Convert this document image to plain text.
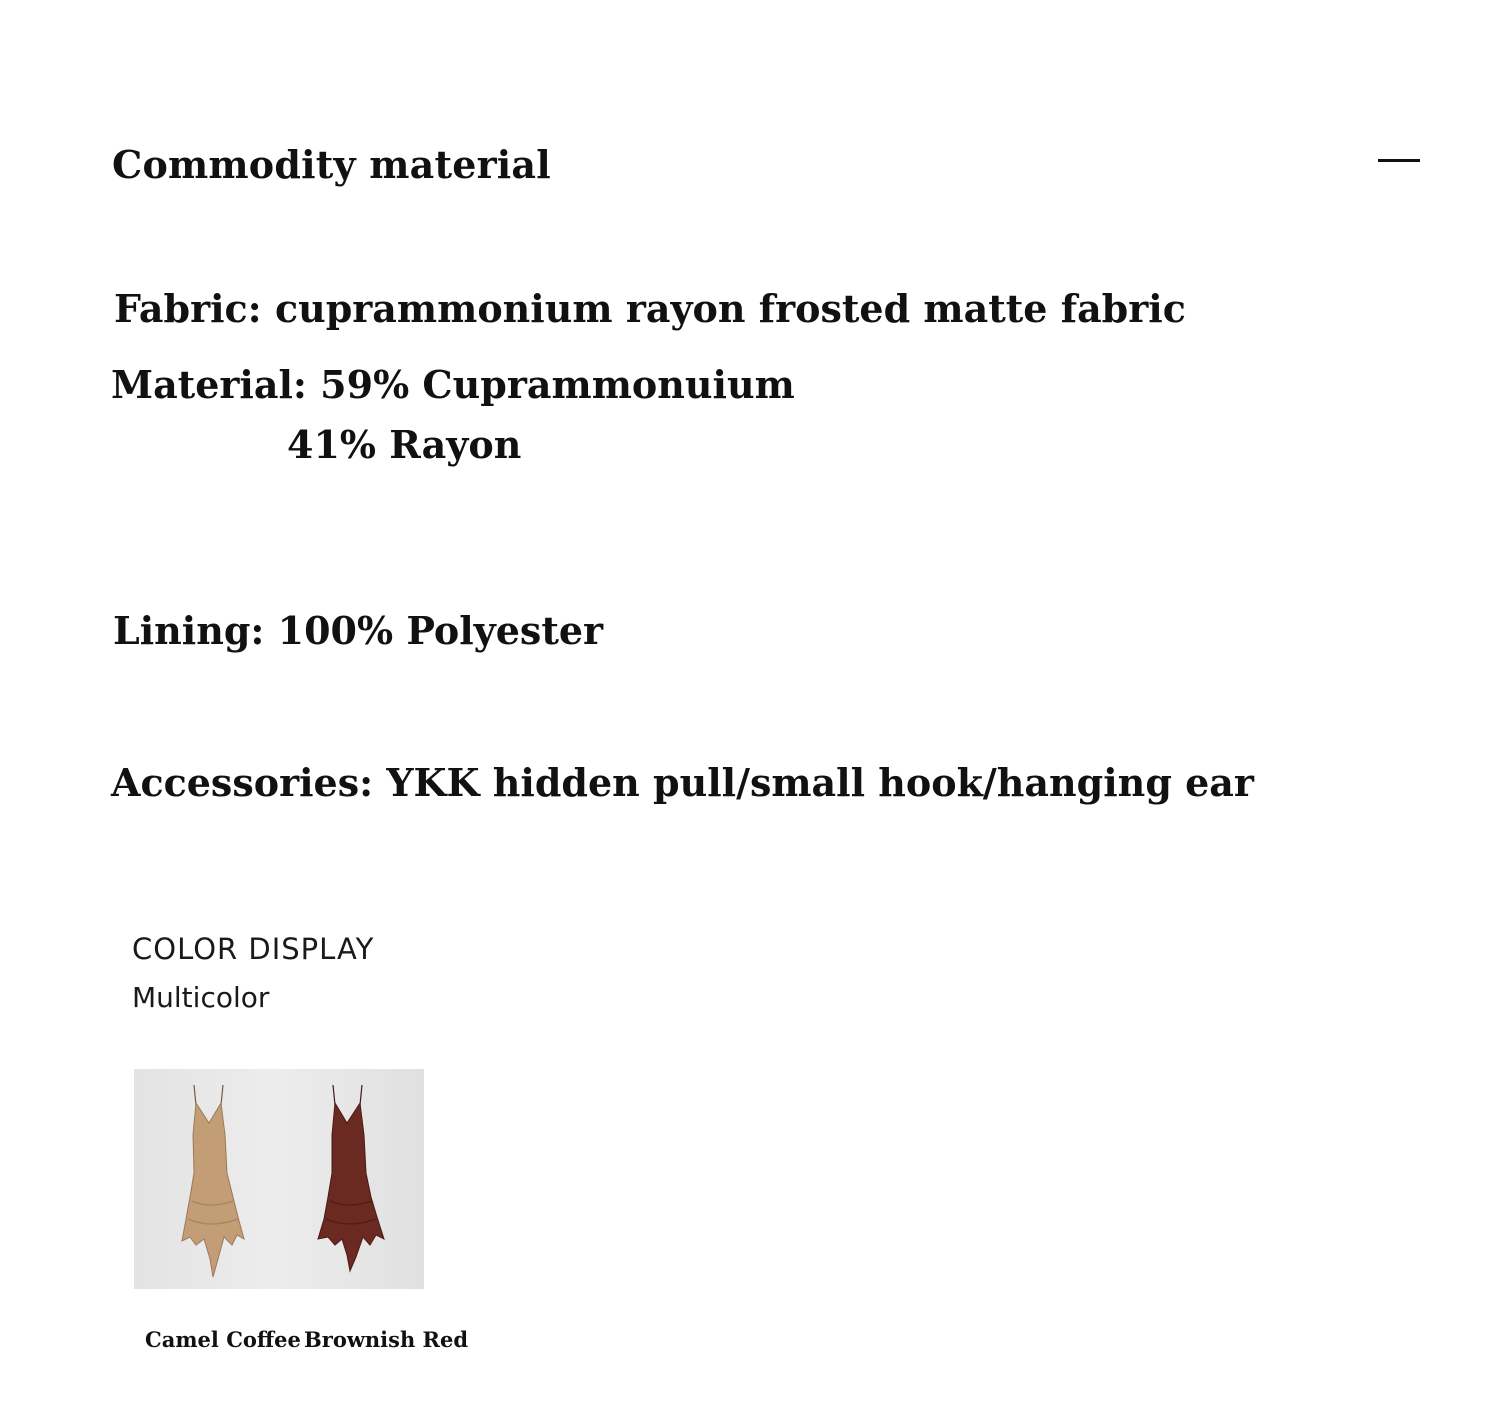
Commodity material
Fabric: cuprammonium rayon frosted matte fabric
Material: 59% Cuprammonuium
41% Rayon
Lining: 100% Polyester
Accessories: YKK hidden pull/small hook/hanging ear
COLOR DISPLAY
Multicolor
Camel Coffee Brownish Red
